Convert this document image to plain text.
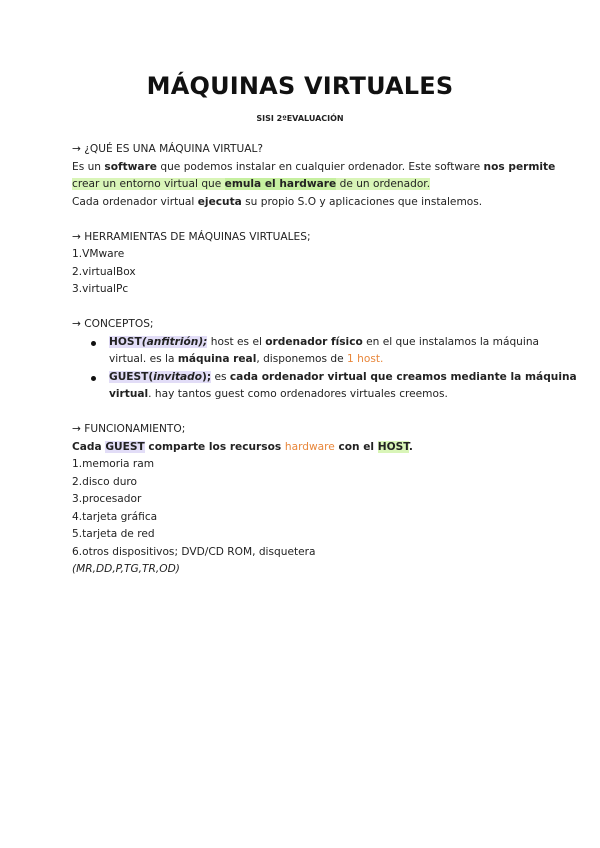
MÁQUINAS VIRTUALES
SISI 2ºEVALUACIÓN
→ ¿QUÉ ES UNA MÁQUINA VIRTUAL?
Es un software que podemos instalar en cualquier ordenador. Este software nos permite
crear un entorno virtual que emula el hardware de un ordenador.
Cada ordenador virtual ejecuta su propio S.O y aplicaciones que instalemos.
→ HERRAMIENTAS DE MÁQUINAS VIRTUALES;
1.VMware
2.virtualBox
3.virtualPc
→ CONCEPTOS;
HOST(anfitrión); host es el ordenador físico en el que instalamos la máquina
virtual. es la máquina real, disponemos de 1 host.
GUEST(invitado); es cada ordenador virtual que creamos mediante la máquina
virtual. hay tantos guest como ordenadores virtuales creemos.
→ FUNCIONAMIENTO;
Cada GUEST comparte los recursos hardware con el HOST.
1.memoria ram
2.disco duro
3.procesador
4.tarjeta gráfica
5.tarjeta de red
6.otros dispositivos; DVD/CD ROM, disquetera
(MR,DD,P,TG,TR,OD)
